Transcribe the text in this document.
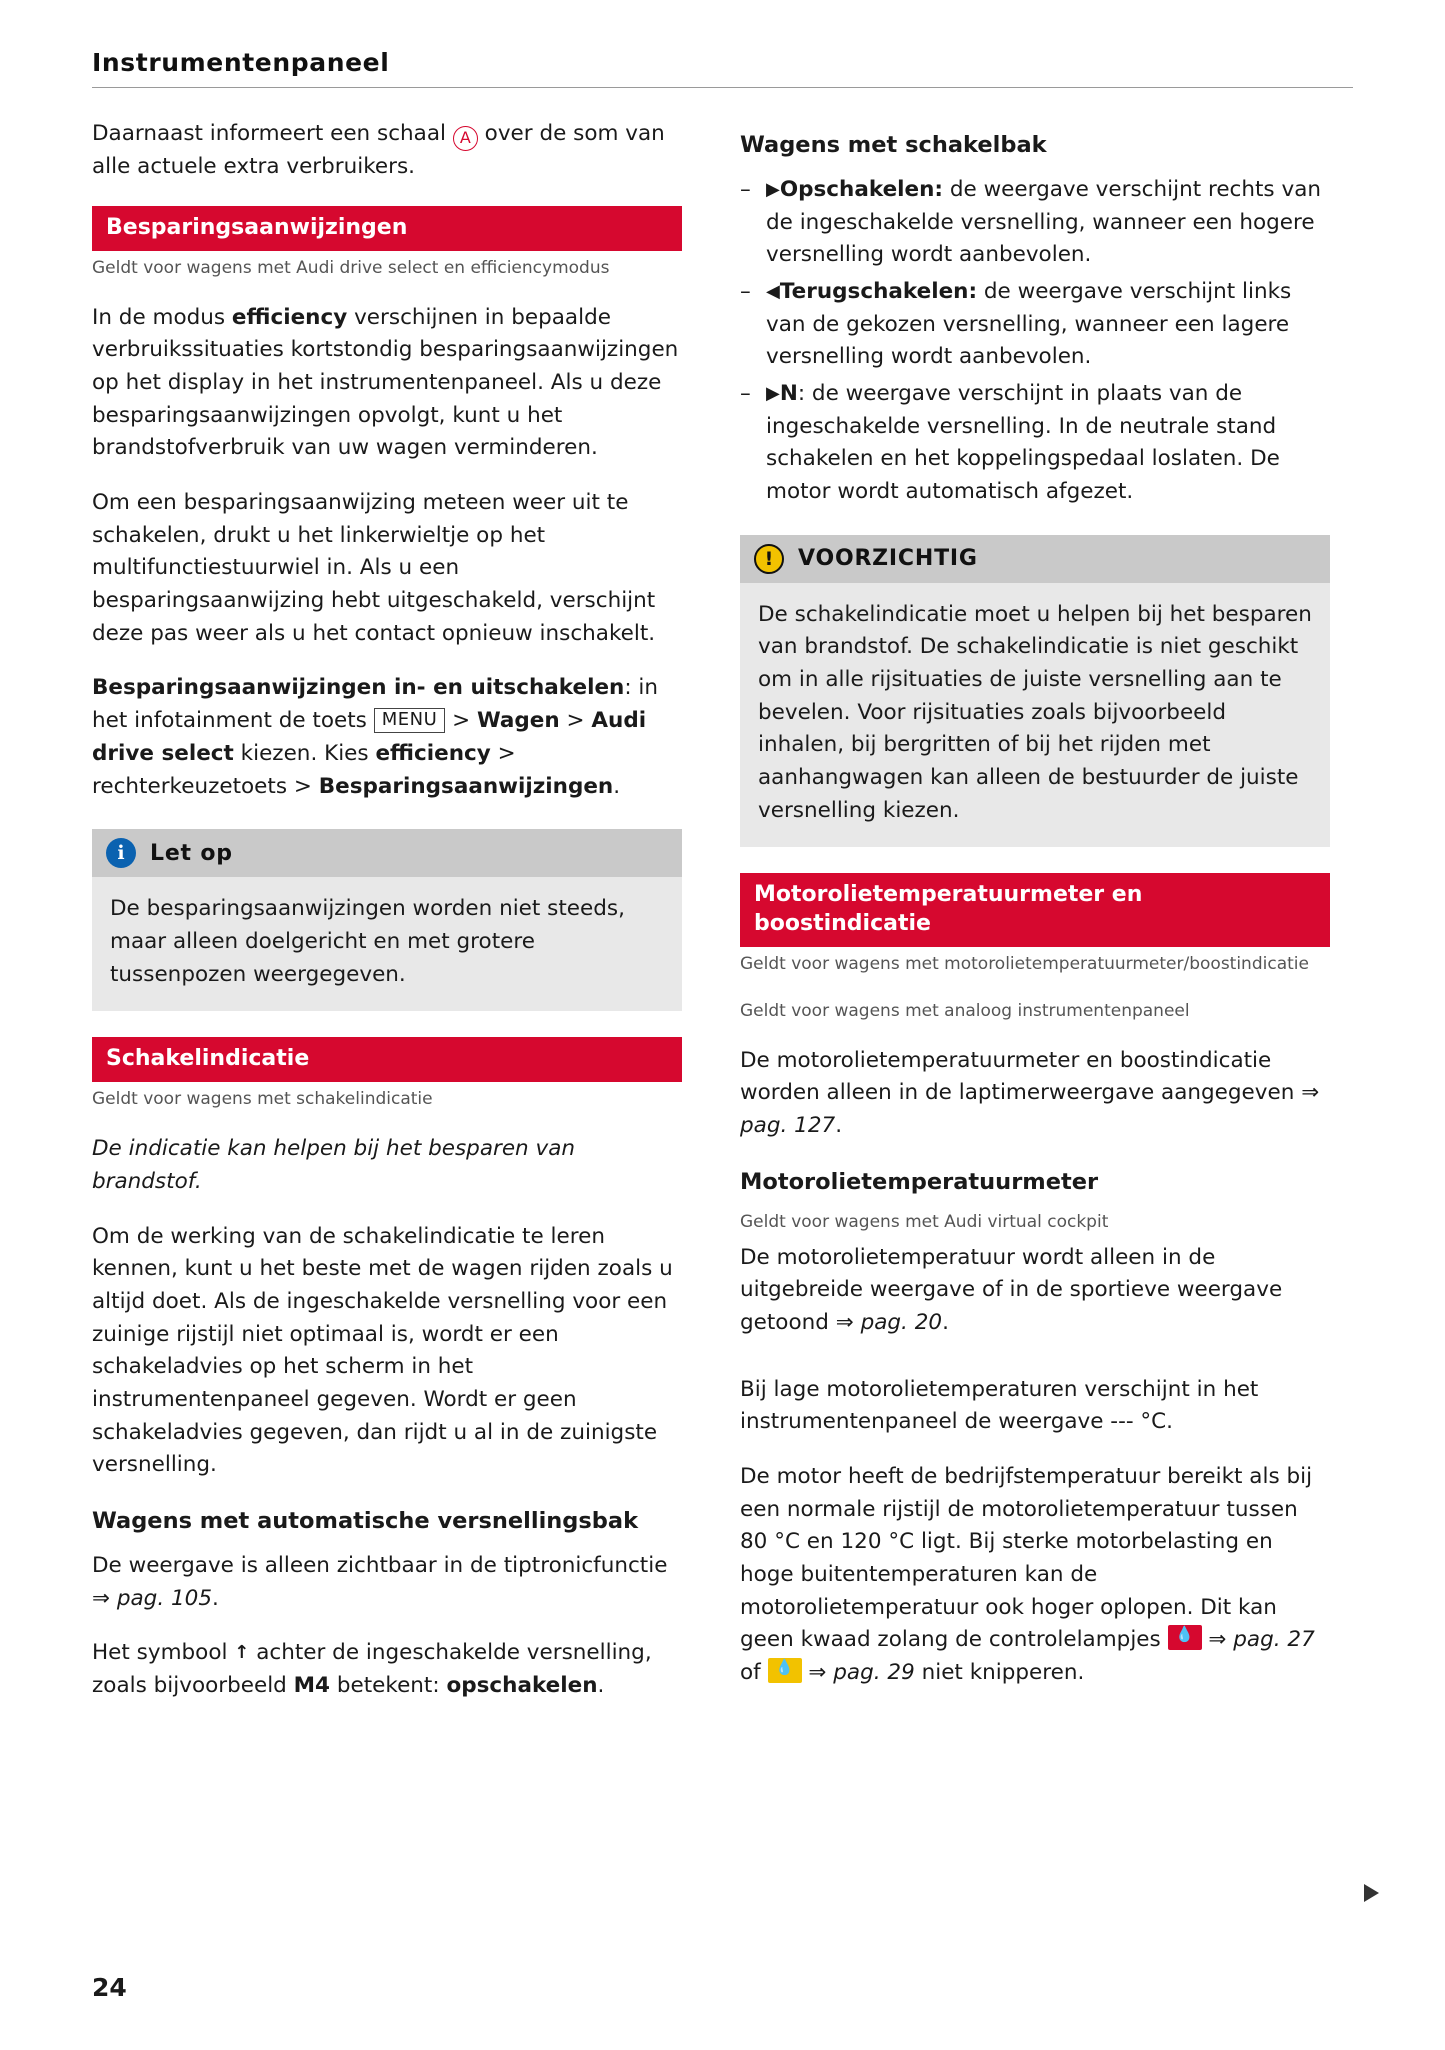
Instrumentenpaneel

Daarnaast informeert een schaal A over de som van alle actuele extra verbruikers.

Besparingsaanwijzingen
Geldt voor wagens met Audi drive select en efficiencymodus

In de modus efficiency verschijnen in bepaalde verbruikssituaties kortstondig besparingsaanwijzingen op het display in het instrumentenpaneel. Als u deze besparingsaanwijzingen opvolgt, kunt u het brandstofverbruik van uw wagen verminderen.

Om een besparingsaanwijzing meteen weer uit te schakelen, drukt u het linkerwieltje op het multifunctiestuurwiel in. Als u een besparingsaanwijzing hebt uitgeschakeld, verschijnt deze pas weer als u het contact opnieuw inschakelt.

Besparingsaanwijzingen in- en uitschakelen: in het infotainment de toets MENU > Wagen > Audi drive select kiezen. Kies efficiency > rechterkeuzetoets > Besparingsaanwijzingen.

i	Let op

De besparingsaanwijzingen worden niet steeds, maar alleen doelgericht en met grotere tussenpozen weergegeven.

Schakelindicatie
Geldt voor wagens met schakelindicatie

De indicatie kan helpen bij het besparen van brandstof.

Om de werking van de schakelindicatie te leren kennen, kunt u het beste met de wagen rijden zoals u altijd doet. Als de ingeschakelde versnelling voor een zuinige rijstijl niet optimaal is, wordt er een schakeladvies op het scherm in het instrumentenpaneel gegeven. Wordt er geen schakeladvies gegeven, dan rijdt u al in de zuinigste versnelling.

Wagens met automatische versnellingsbak

De weergave is alleen zichtbaar in de tiptronicfunctie ⇒ pag. 105.

Het symbool ↑ achter de ingeschakelde versnelling, zoals bijvoorbeeld M4 betekent: opschakelen.

Wagens met schakelbak
– ▶Opschakelen: de weergave verschijnt rechts van de ingeschakelde versnelling, wanneer een hogere versnelling wordt aanbevolen.
– ◀Terugschakelen: de weergave verschijnt links van de gekozen versnelling, wanneer een lagere versnelling wordt aanbevolen.
– ▶N: de weergave verschijnt in plaats van de ingeschakelde versnelling. In de neutrale stand schakelen en het koppelingspedaal loslaten. De motor wordt automatisch afgezet.
!	VOORZICHTIG

De schakelindicatie moet u helpen bij het besparen van brandstof. De schakelindicatie is niet geschikt om in alle rijsituaties de juiste versnelling aan te bevelen. Voor rijsituaties zoals bijvoorbeeld inhalen, bij bergritten of bij het rijden met aanhangwagen kan alleen de bestuurder de juiste versnelling kiezen.

Motorolietemperatuurmeter en boostindicatie
Geldt voor wagens met motorolietemperatuurmeter/boostindicatie
Geldt voor wagens met analoog instrumentenpaneel

De motorolietemperatuurmeter en boostindicatie worden alleen in de laptimerweergave aangegeven ⇒ pag. 127.

Motorolietemperatuurmeter
Geldt voor wagens met Audi virtual cockpit

De motorolietemperatuur wordt alleen in de uitgebreide weergave of in de sportieve weergave getoond ⇒ pag. 20.

Bij lage motorolietemperaturen verschijnt in het instrumentenpaneel de weergave --- °C.

De motor heeft de bedrijfstemperatuur bereikt als bij een normale rijstijl de motorolietemperatuur tussen 80 °C en 120 °C ligt. Bij sterke motorbelasting en hoge buitentemperaturen kan de motorolietemperatuur ook hoger oplopen. Dit kan geen kwaad zolang de controlelampjes 💧 ⇒ pag. 27 of 💧 ⇒ pag. 29 niet knipperen.

24
